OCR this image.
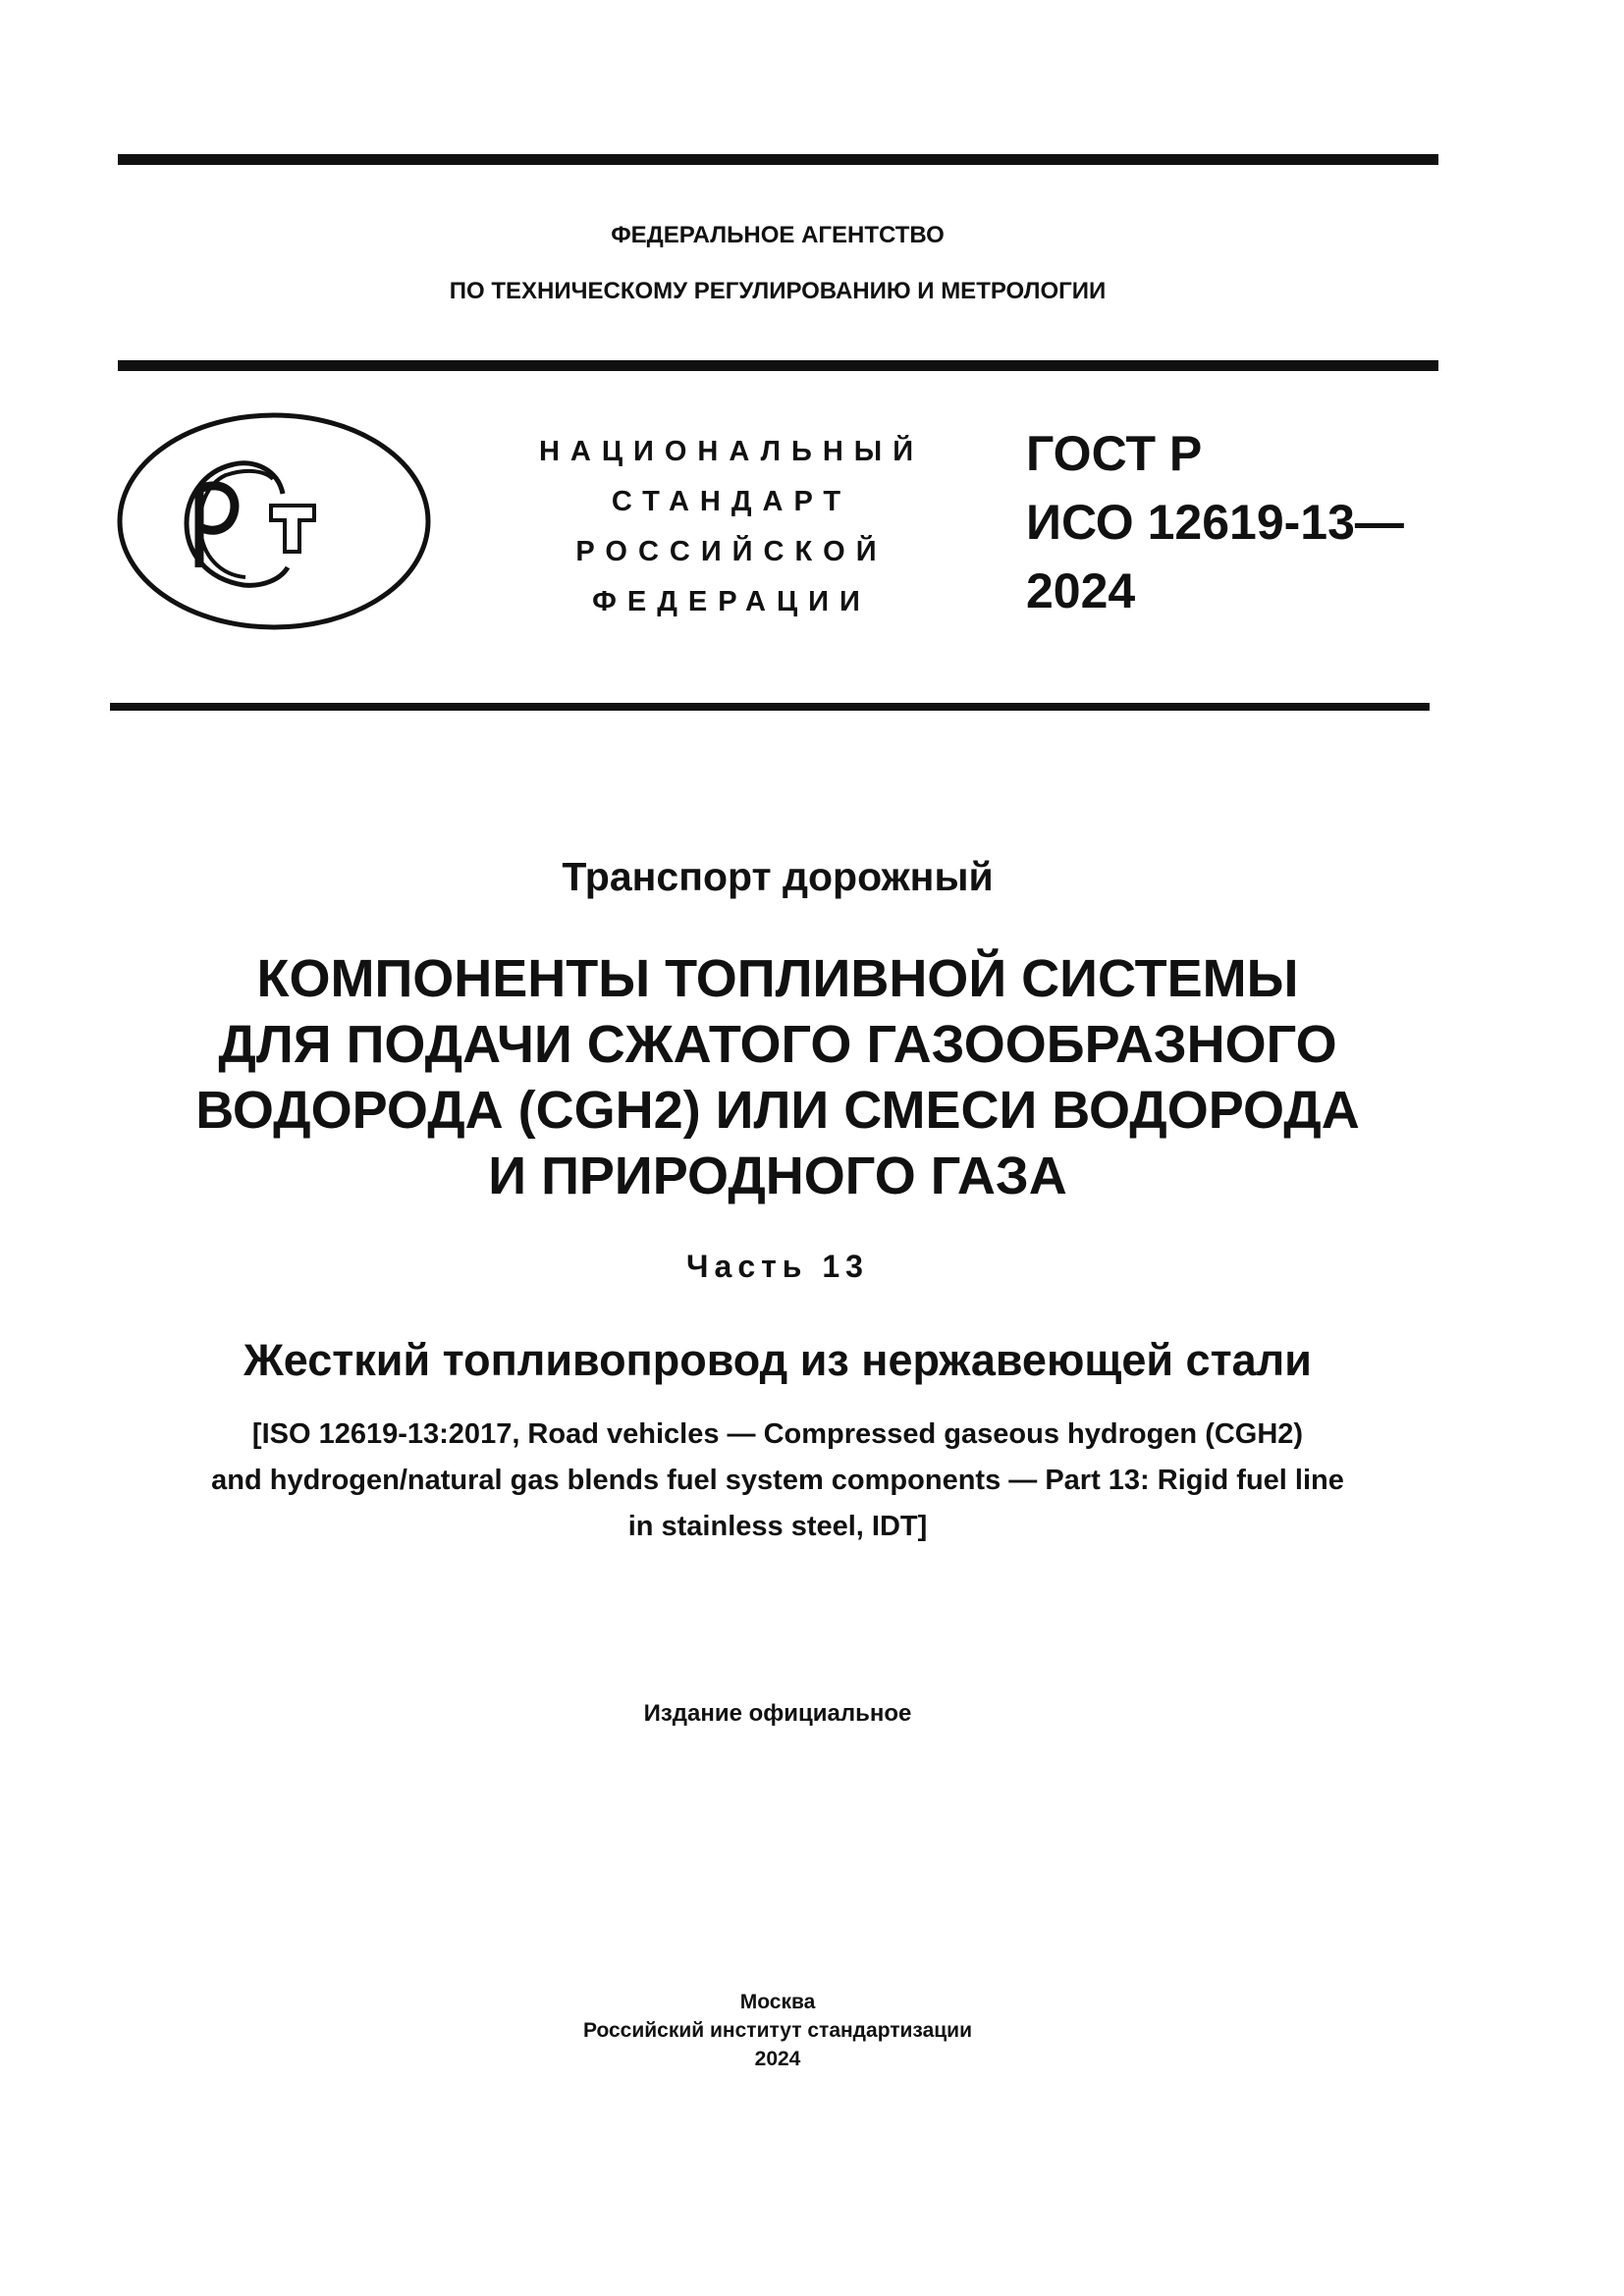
ФЕДЕРАЛЬНОЕ АГЕНТСТВО
ПО ТЕХНИЧЕСКОМУ РЕГУЛИРОВАНИЮ И МЕТРОЛОГИИ
НАЦИОНАЛЬНЫЙ
СТАНДАРТ
РОССИЙСКОЙ
ФЕДЕРАЦИИ
ГОСТ Р
ИСО 12619-13—
2024
Транспорт дорожный
КОМПОНЕНТЫ ТОПЛИВНОЙ СИСТЕМЫ
ДЛЯ ПОДАЧИ СЖАТОГО ГАЗООБРАЗНОГО
ВОДОРОДА (CGH2) ИЛИ СМЕСИ ВОДОРОДА
И ПРИРОДНОГО ГАЗА
Часть 13
Жесткий топливопровод из нержавеющей стали
[ISO 12619-13:2017, Road vehicles — Compressed gaseous hydrogen (CGH2)
and hydrogen/natural gas blends fuel system components — Part 13: Rigid fuel line
in stainless steel, IDT]
Издание официальное
Москва
Российский институт стандартизации
2024
